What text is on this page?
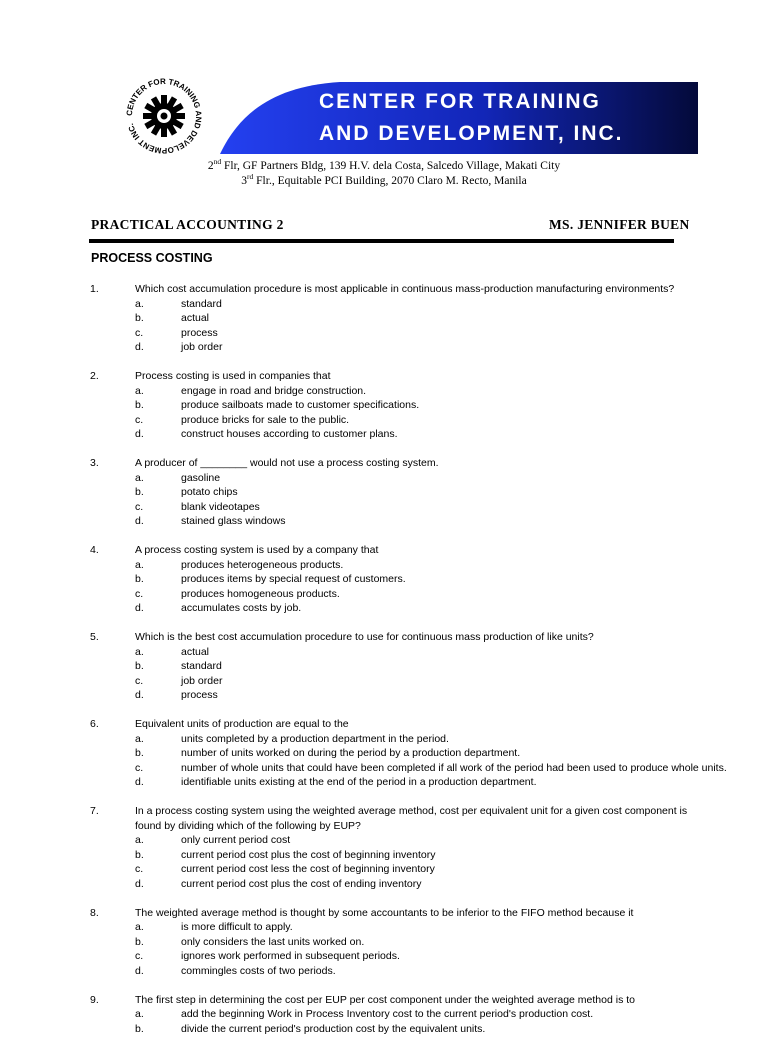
CENTER FOR TRAINING AND DEVELOPMENT INC.
CENTER FOR TRAINING
AND DEVELOPMENT, INC.
2nd Flr, GF Partners Bldg, 139 H.V. dela Costa, Salcedo Village, Makati City
3rd Flr., Equitable PCI Building, 2070 Claro M. Recto, Manila
PRACTICAL ACCOUNTING 2	MS. JENNIFER BUEN
PROCESS COSTING
1.	Which cost accumulation procedure is most applicable in continuous mass-production manufacturing environments?
a.	standard
b.	actual
c.	process
d.	job order
2.	Process costing is used in companies that
a.	engage in road and bridge construction.
b.	produce sailboats made to customer specifications.
c.	produce bricks for sale to the public.
d.	construct houses according to customer plans.
3.	A producer of ________ would not use a process costing system.
a.	gasoline
b.	potato chips
c.	blank videotapes
d.	stained glass windows
4.	A process costing system is used by a company that
a.	produces heterogeneous products.
b.	produces items by special request of customers.
c.	produces homogeneous products.
d.	accumulates costs by job.
5.	Which is the best cost accumulation procedure to use for continuous mass production of like units?
a.	actual
b.	standard
c.	job order
d.	process
6.	Equivalent units of production are equal to the
a.	units completed by a production department in the period.
b.	number of units worked on during the period by a production department.
c.	number of whole units that could have been completed if all work of the period had been used to produce whole units.
d.	identifiable units existing at the end of the period in a production department.
7.	In a process costing system using the weighted average method, cost per equivalent unit for a given cost component is found by dividing which of the following by EUP?
a.	only current period cost
b.	current period cost plus the cost of beginning inventory
c.	current period cost less the cost of beginning inventory
d.	current period cost plus the cost of ending inventory
8.	The weighted average method is thought by some accountants to be inferior to the FIFO method because it
a.	is more difficult to apply.
b.	only considers the last units worked on.
c.	ignores work performed in subsequent periods.
d.	commingles costs of two periods.
9.	The first step in determining the cost per EUP per cost component under the weighted average method is to
a.	add the beginning Work in Process Inventory cost to the current period's production cost.
b.	divide the current period's production cost by the equivalent units.
